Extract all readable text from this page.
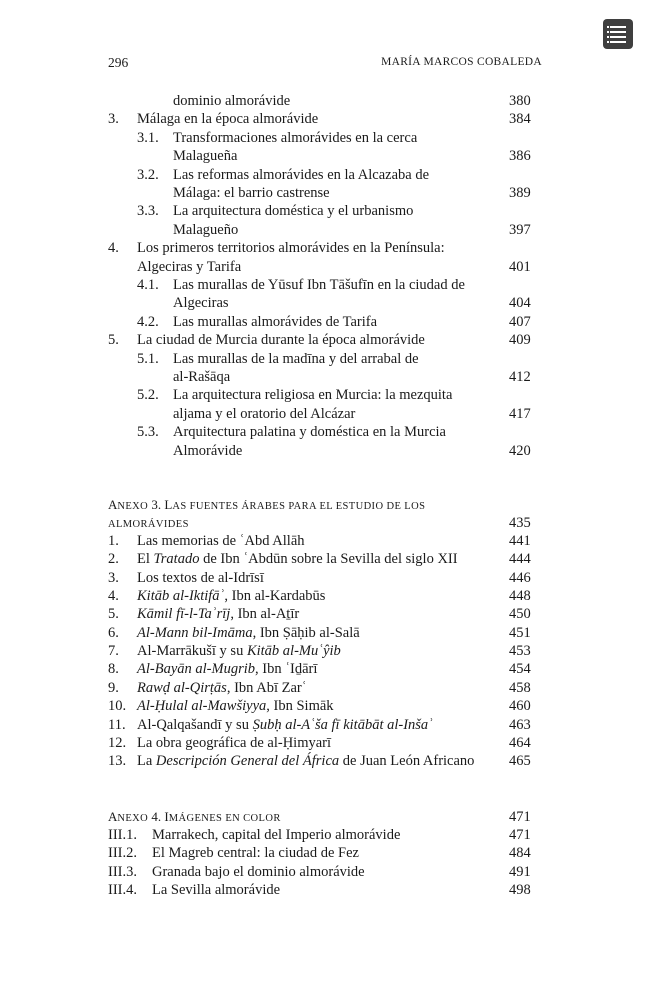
296	MARÍA MARCOS COBALEDA
dominio almorávide	380
3. Málaga en la época almorávide	384
3.1. Transformaciones almorávides en la cerca
Malagueña	386
3.2. Las reformas almorávides en la Alcazaba de
Málaga: el barrio castrense	389
3.3. La arquitectura doméstica y el urbanismo
Malagueño	397
4. Los primeros territorios almorávides en la Península:
Algeciras y Tarifa	401
4.1. Las murallas de Yūsuf Ibn Tāšufīn en la ciudad de
Algeciras	404
4.2. Las murallas almorávides de Tarifa	407
5. La ciudad de Murcia durante la época almorávide	409
5.1. Las murallas de la madīna y del arrabal de
al-Rašāqa	412
5.2. La arquitectura religiosa en Murcia: la mezquita
aljama y el oratorio del Alcázar	417
5.3. Arquitectura palatina y doméstica en la Murcia
Almorávide	420
ANEXO 3. LAS FUENTES ÁRABES PARA EL ESTUDIO DE LOS
ALMORÁVIDES	435
1. Las memorias de ʿAbd Allāh	441
2. El Tratado de Ibn ʿAbdūn sobre la Sevilla del siglo XII	444
3. Los textos de al-Idrīsī	446
4. Kitāb al-Iktifāʾ, Ibn al-Kardabūs	448
5. Kāmil fī-l-Taʾrīj, Ibn al-Aṯīr	450
6. Al-Mann bil-Imāma, Ibn Ṣāḥib al-Salā	451
7. Al-Marrākušī y su Kitāb al-Muʿŷib	453
8. Al-Bayān al-Mugrib, Ibn ʿIḏārī	454
9. Rawḍ al-Qirṭās, Ibn Abī Zarʿ	458
10. Al-Ḥulal al-Mawšiyya, Ibn Simāk	460
11. Al-Qalqašandī y su Ṣubḥ al-Aʿša fī kitābāt al-Inšaʾ	463
12. La obra geográfica de al-Ḥimyarī	464
13. La Descripción General del África de Juan León Africano 465
ANEXO 4. IMÁGENES EN COLOR	471
III.1. Marrakech, capital del Imperio almorávide	471
III.2. El Magreb central: la ciudad de Fez	484
III.3. Granada bajo el dominio almorávide	491
III.4. La Sevilla almorávide	498
